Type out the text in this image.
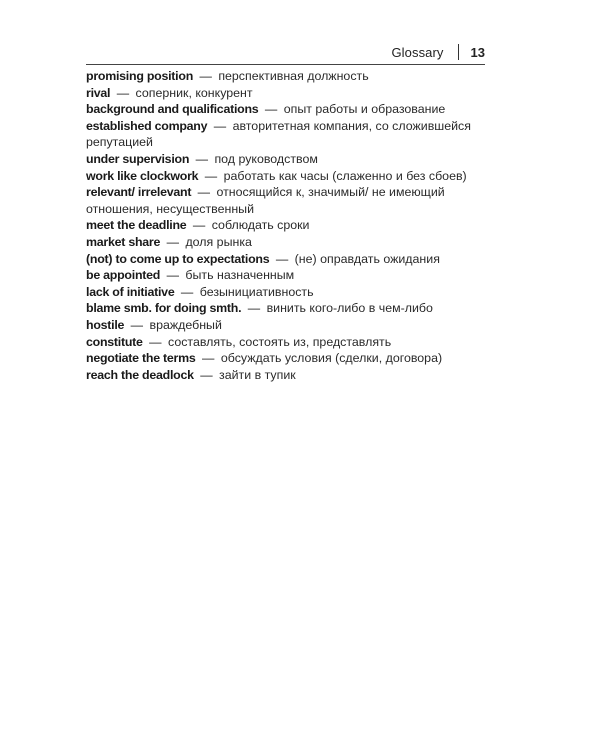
Glossary 13

promising position — перспективная должность

rival — соперник, конкурент

background and qualifications — опыт работы и образование

established company — авторитетная компания, со сложившейся репутацией

under supervision — под руководством

work like clockwork — работать как часы (слаженно и без сбоев)

relevant/ irrelevant — относящийся к, значимый/ не имеющий отношения, несущественный

meet the deadline — соблюдать сроки

market share — доля рынка

(not) to come up to expectations — (не) оправдать ожидания

be appointed — быть назначенным

lack of initiative — безынициативность

blame smb. for doing smth. — винить кого-либо в чем-либо

hostile — враждебный

constitute — составлять, состоять из, представлять

negotiate the terms — обсуждать условия (сделки, договора)

reach the deadlock — зайти в тупик
